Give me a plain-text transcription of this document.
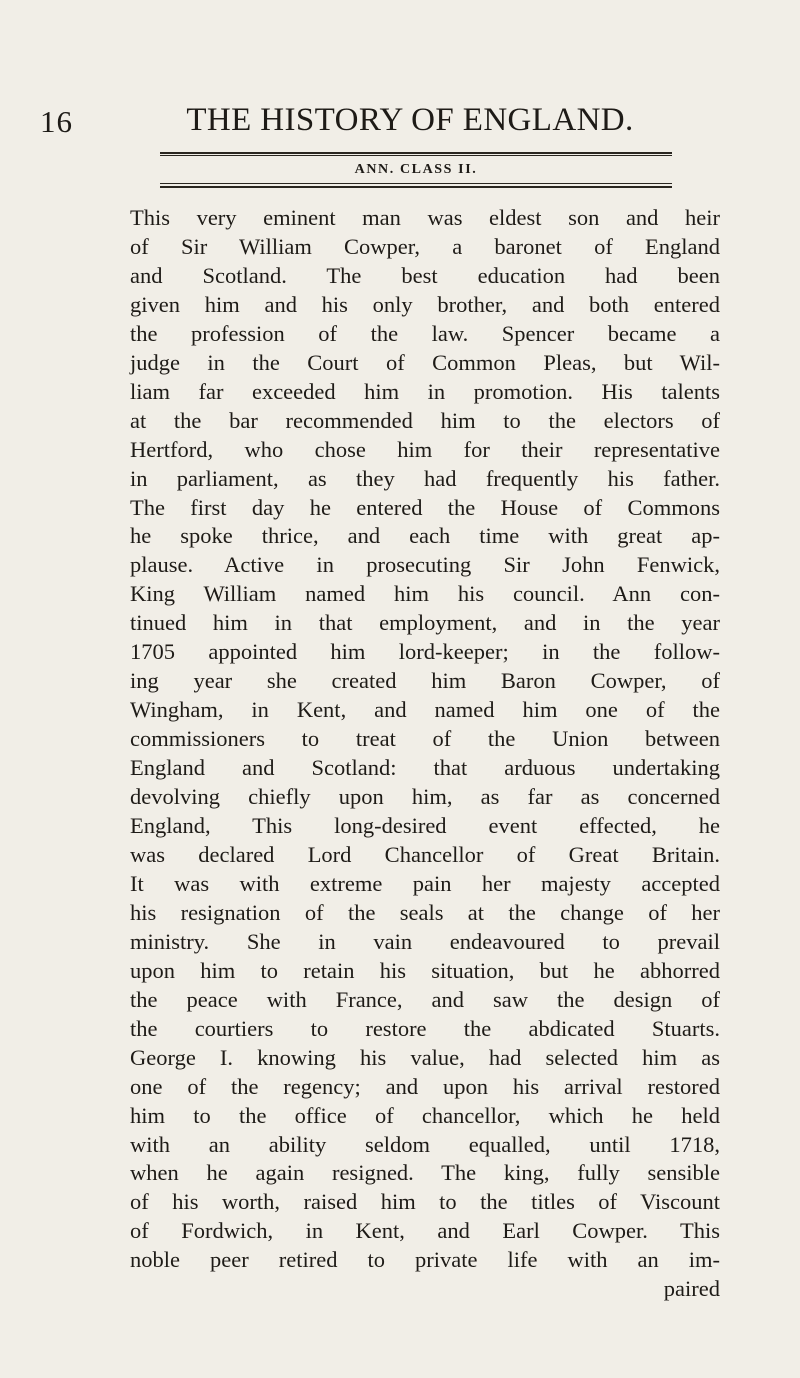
16	THE HISTORY OF ENGLAND.
ANN. CLASS II.
This very eminent man was eldest son and heir
of Sir William Cowper, a baronet of England
and Scotland. The best education had been
given him and his only brother, and both entered
the profession of the law. Spencer became a
judge in the Court of Common Pleas, but Wil-
liam far exceeded him in promotion. His talents
at the bar recommended him to the electors of
Hertford, who chose him for their representative
in parliament, as they had frequently his father.
The first day he entered the House of Commons
he spoke thrice, and each time with great ap-
plause. Active in prosecuting Sir John Fenwick,
King William named him his council. Ann con-
tinued him in that employment, and in the year
1705 appointed him lord-keeper; in the follow-
ing year she created him Baron Cowper, of
Wingham, in Kent, and named him one of the
commissioners to treat of the Union between
England and Scotland: that arduous undertaking
devolving chiefly upon him, as far as concerned
England, This long-desired event effected, he
was declared Lord Chancellor of Great Britain.
It was with extreme pain her majesty accepted
his resignation of the seals at the change of her
ministry. She in vain endeavoured to prevail
upon him to retain his situation, but he abhorred
the peace with France, and saw the design of
the courtiers to restore the abdicated Stuarts.
George I. knowing his value, had selected him as
one of the regency; and upon his arrival restored
him to the office of chancellor, which he held
with an ability seldom equalled, until 1718,
when he again resigned. The king, fully sensible
of his worth, raised him to the titles of Viscount
of Fordwich, in Kent, and Earl Cowper. This
noble peer retired to private life with an im-
paired
